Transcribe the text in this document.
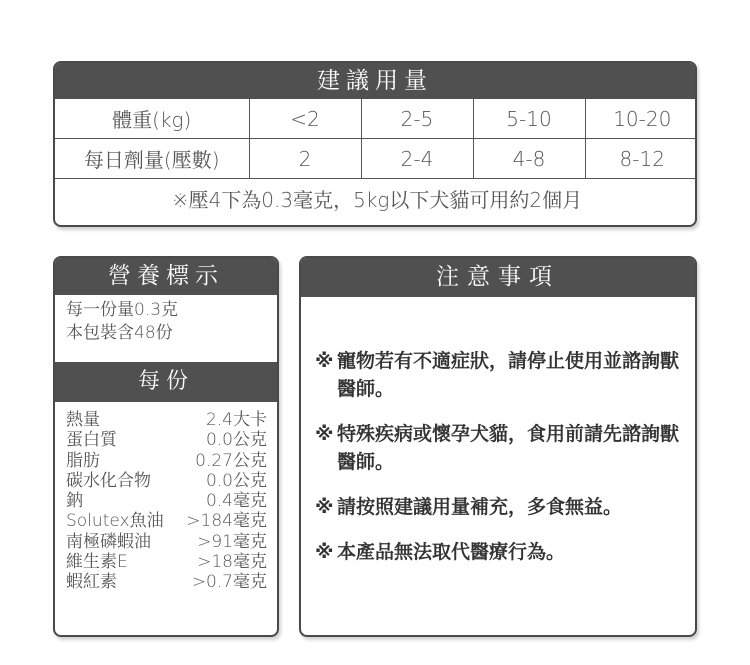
建議用量
體重(kg)	<2	2-5	5-10	10-20
每日劑量(壓數)	2	2-4	4-8	8-12
※壓4下為0.3毫克，5kg以下犬貓可用約2個月				
營養標示
每一份量0.3克
本包裝含48份
每份
熱量	2.4大卡
蛋白質	0.0公克
脂肪	0.27公克
碳水化合物	0.0公克
鈉	0.4毫克
Solutex魚油 >184毫克
南極磷蝦油	>91毫克
維生素E	>18毫克
蝦紅素	>0.7毫克
注意事項
※ 寵物若有不適症狀，請停止使用並諮詢獸醫師。
※ 特殊疾病或懷孕犬貓，食用前請先諮詢獸醫師。
※ 請按照建議用量補充，多食無益。
※ 本產品無法取代醫療行為。
